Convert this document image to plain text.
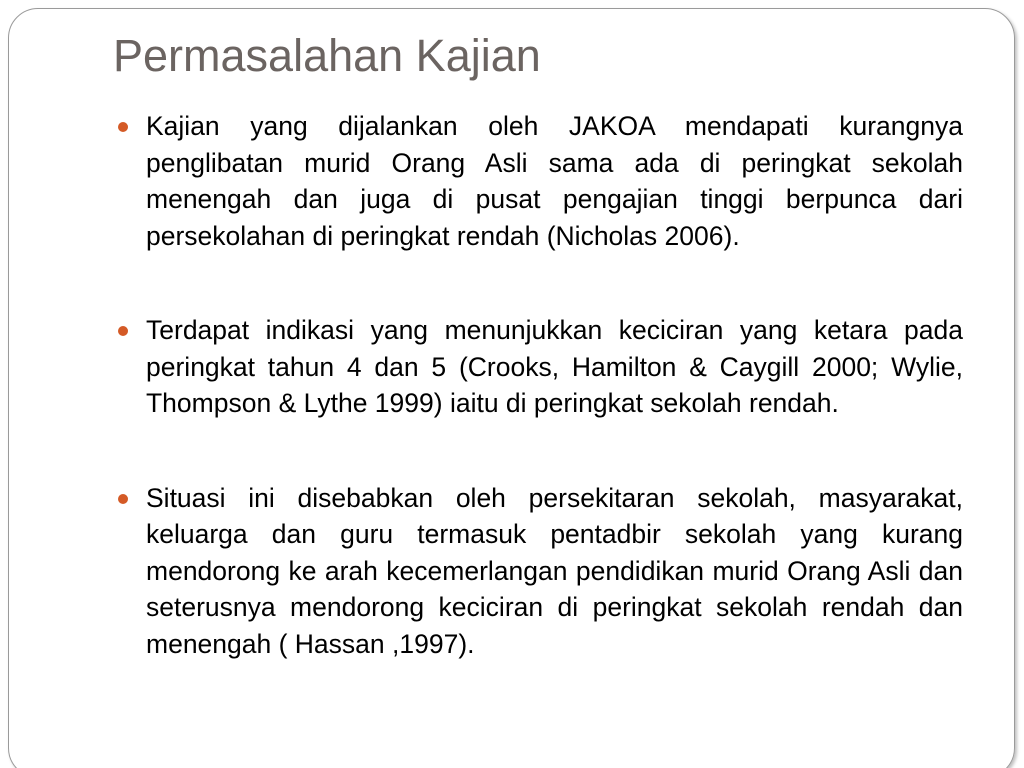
Permasalahan Kajian
Kajian yang dijalankan oleh JAKOA mendapati kurangnya penglibatan murid Orang Asli sama ada di peringkat sekolah menengah dan juga di pusat pengajian tinggi berpunca dari persekolahan di peringkat rendah (Nicholas 2006).
Terdapat indikasi yang menunjukkan keciciran yang ketara pada peringkat tahun 4 dan 5 (Crooks, Hamilton & Caygill 2000; Wylie, Thompson & Lythe 1999) iaitu di peringkat sekolah rendah.
Situasi ini disebabkan oleh persekitaran sekolah, masyarakat, keluarga dan guru termasuk pentadbir sekolah yang kurang mendorong ke arah kecemerlangan pendidikan murid Orang Asli dan seterusnya mendorong keciciran di peringkat sekolah rendah dan menengah ( Hassan ,1997).
